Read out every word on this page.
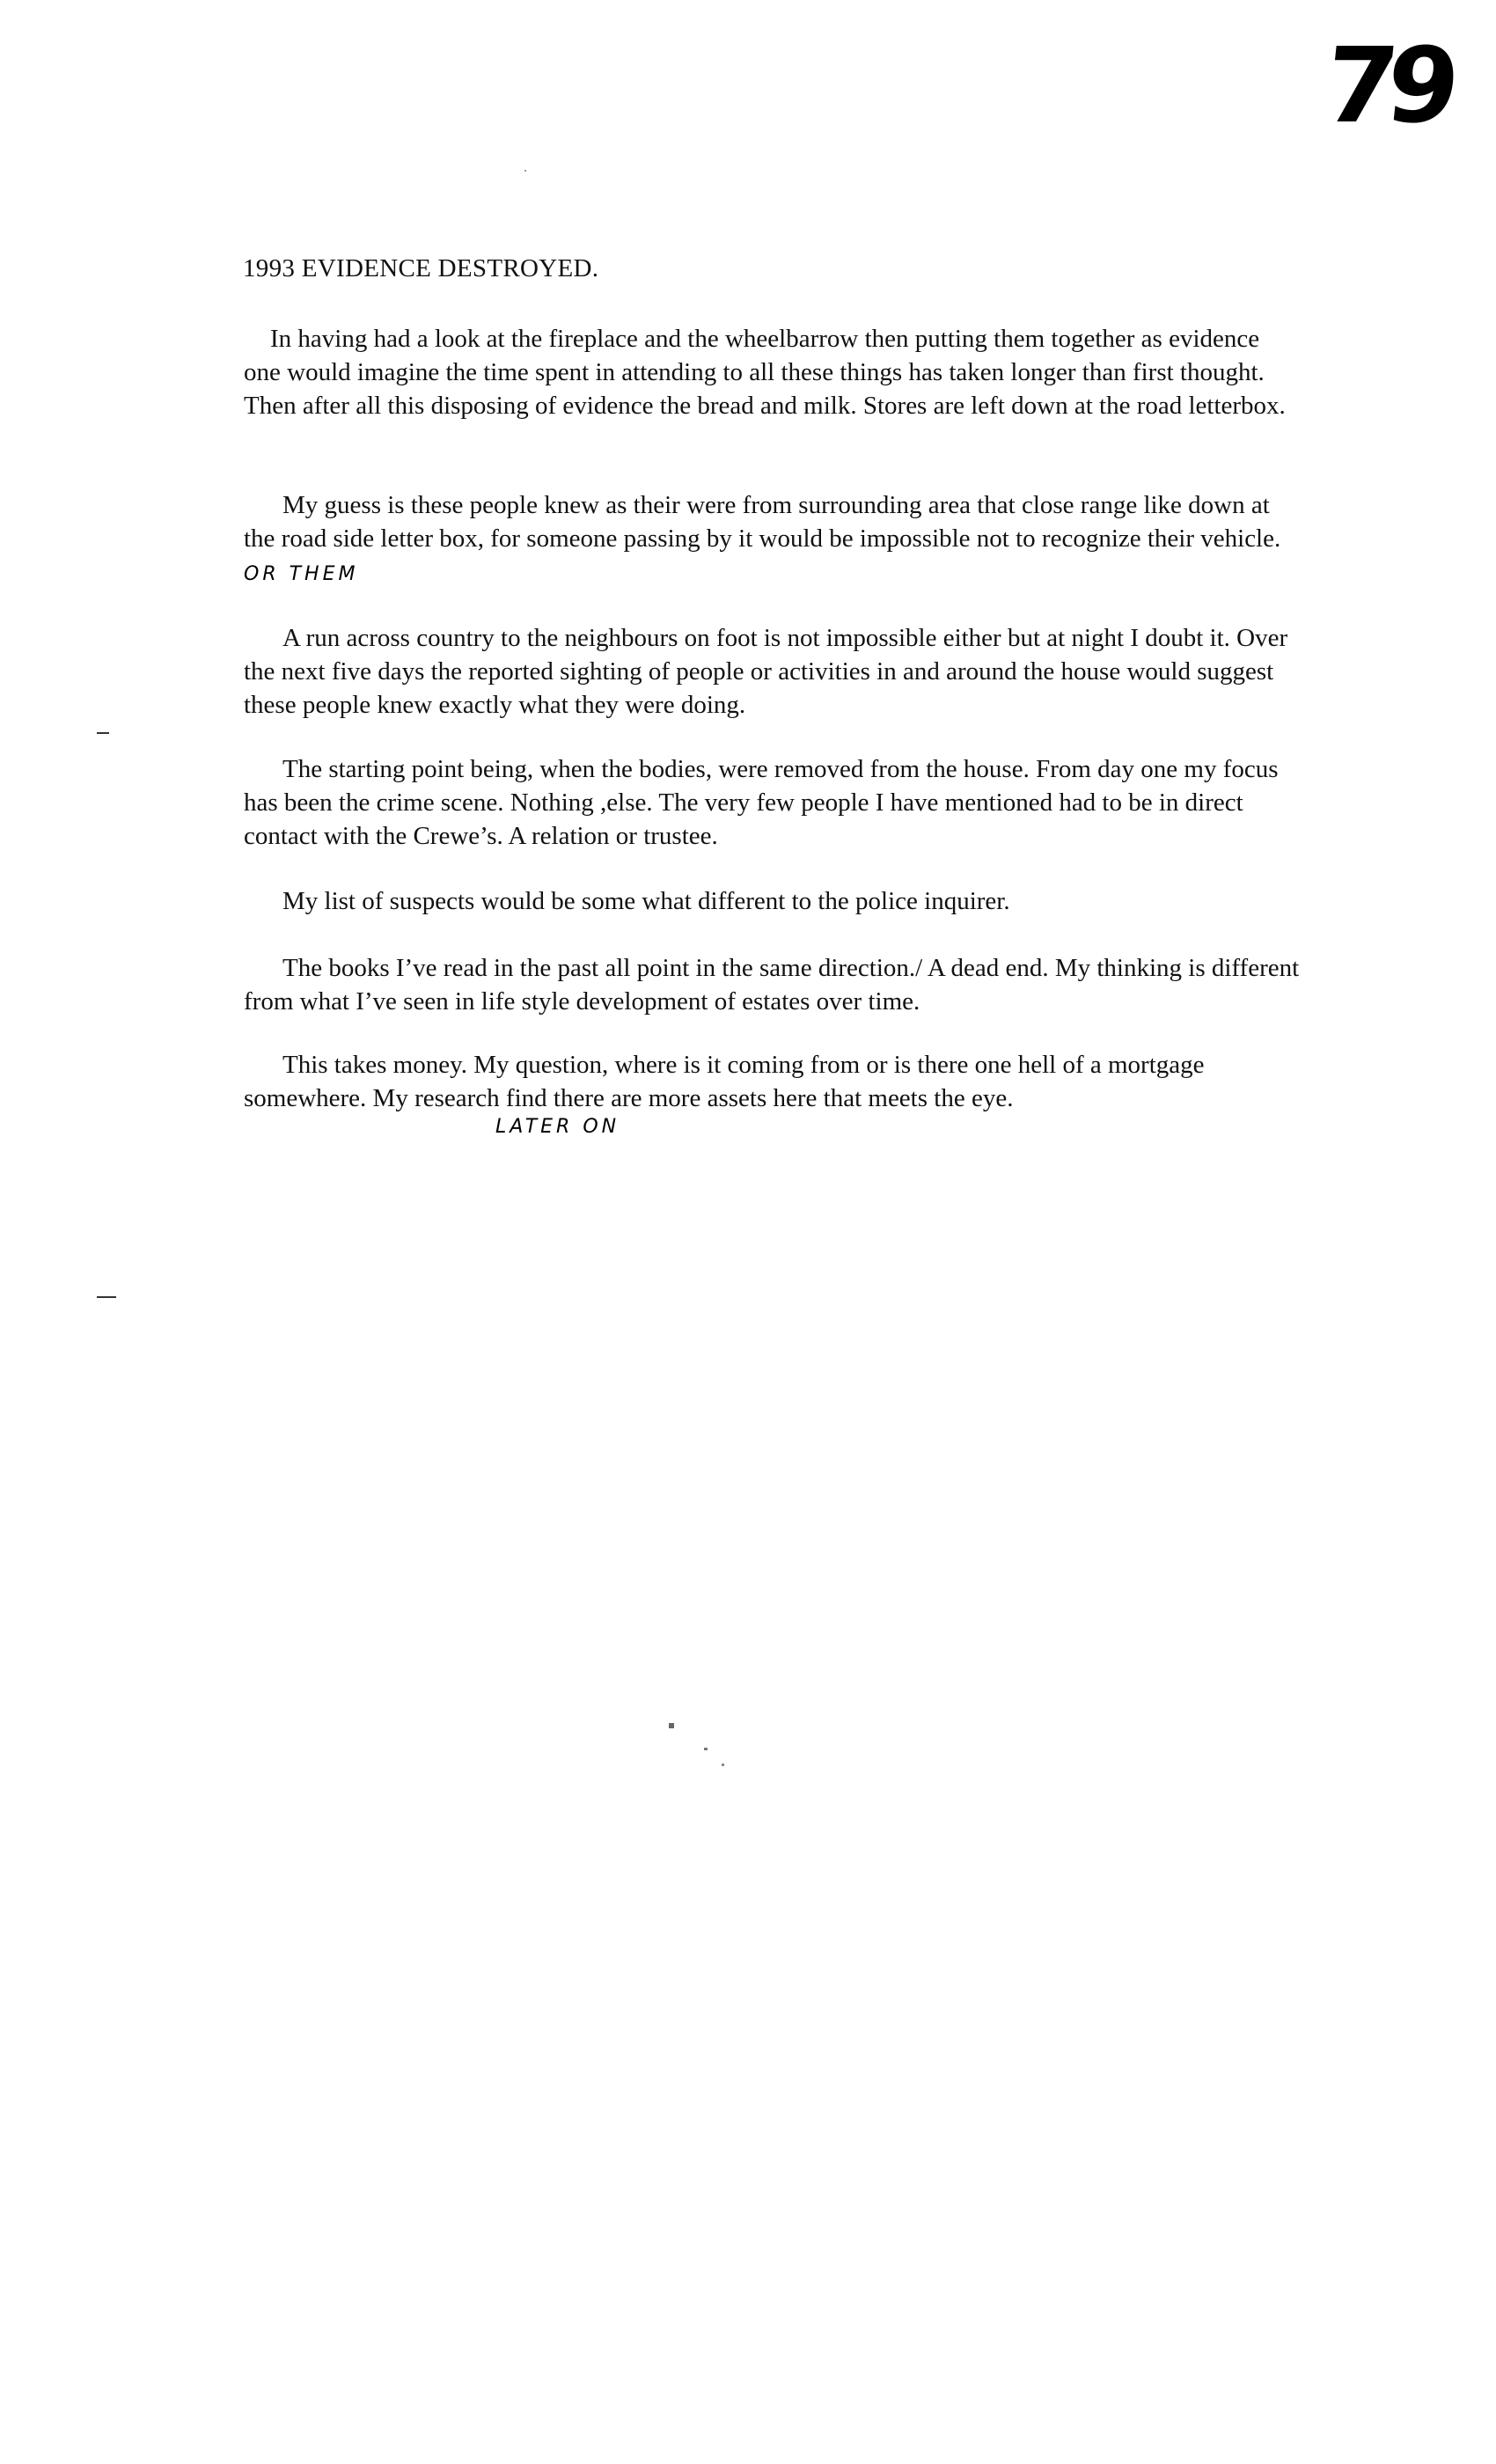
79
1993 EVIDENCE DESTROYED.
In having had a look at the fireplace and the wheelbarrow then putting them together as evidence one would imagine the time spent in attending to all these things has taken longer than first thought. Then after all this disposing of evidence the bread and milk. Stores are left down at the road letterbox.
My guess is these people knew as their were from surrounding area that close range like down at the road side letter box, for someone passing by it would be impossible not to recognize their vehicle. OR THEM
A run across country to the neighbours on foot is not impossible either but at night I doubt it. Over the next five days the reported sighting of people or activities in and around the house would suggest these people knew exactly what they were doing.
The starting point being, when the bodies, were removed from the house. From day one my focus has been the crime scene. Nothing ,else. The very few people I have mentioned had to be in direct contact with the Crewe’s. A relation or trustee.
My list of suspects would be some what different to the police inquirer.
The books I’ve read in the past all point in the same direction./ A dead end. My thinking is different from what I’ve seen in life style development of estates over time.
This takes money. My question, where is it coming from or is there one hell of a mortgage somewhere. My research find there are more assets here that meets the eye.
LATER ON
